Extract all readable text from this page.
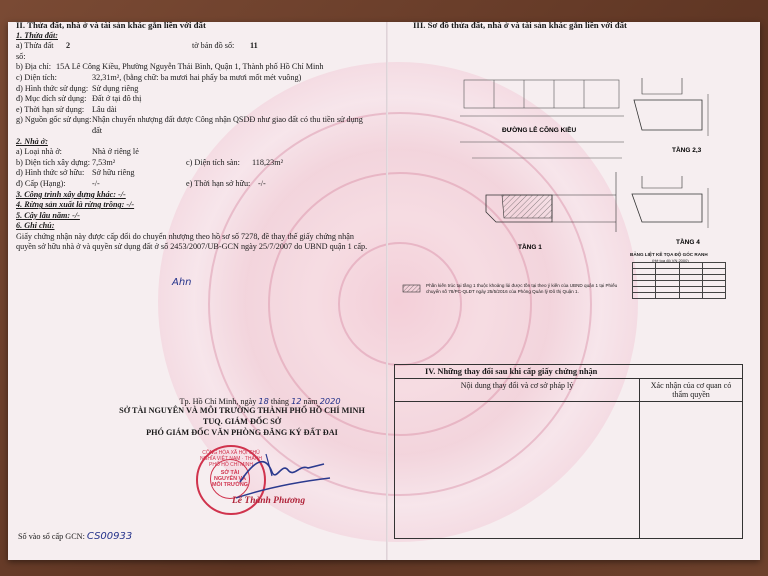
II. Thửa đất, nhà ở và tài sản khác gắn liền với đất
1. Thửa đất:
a) Thửa đất số:
2	tờ bản đồ số:	11
b) Địa chỉ: 15A Lê Công Kiều, Phường Nguyễn Thái Bình, Quận 1, Thành phố Hồ Chí Minh
c) Diện tích:	32,31m², (bằng chữ: ba mươi hai phẩy ba mươi mốt mét vuông)
d) Hình thức sử dụng: Sử dụng riêng
đ) Mục đích sử dụng: Đất ở tại đô thị
e) Thời hạn sử dụng: Lâu dài
g) Nguồn gốc sử dụng: Nhận chuyển nhượng đất được Công nhận QSDĐ như giao đất có thu tiền sử dụng đất
2. Nhà ở:
a) Loại nhà ở:	Nhà ở riêng lẻ
b) Diện tích xây dựng: 7,53m²	c) Diện tích sàn:	118,23m²
d) Hình thức sở hữu: Sở hữu riêng
đ) Cấp (Hạng):	-/-	e) Thời hạn sở hữu: -/-
3. Công trình xây dựng khác: -/-
4. Rừng sản xuất là rừng trồng: -/-
5. Cây lâu năm: -/-
6. Ghi chú:
Giấy chứng nhận này được cấp đổi do chuyển nhượng theo hồ sơ số 7278, đề thay thế giấy chứng nhận quyền sở hữu nhà ở và quyền sử dụng đất ở số 2453/2007/UB-GCN ngày 25/7/2007 do UBND quận 1 cấp.
Ahn
Tp. Hồ Chí Minh, ngày 18 tháng 12 năm 2020
SỞ TÀI NGUYÊN VÀ MÔI TRƯỜNG THÀNH PHỐ HỒ CHÍ MINH
TUQ. GIÁM ĐỐC SỞ
PHÓ GIÁM ĐỐC VĂN PHÒNG ĐĂNG KÝ ĐẤT ĐAI
CỘNG HÒA XÃ HỘI CHỦ NGHĨA VIỆT NAM · THÀNH PHỐ HỒ CHÍ MINH
SỞ TÀI NGUYÊN VÀ MÔI TRƯỜNG
Lê Thành Phương
Số vào sổ cấp GCN: CS00933
III. Sơ đồ thửa đất, nhà ở và tài sản khác gắn liền với đất
ĐƯỜNG LÊ CÔNG KIỀU
TẦNG 1
TẦNG 2,3
TẦNG 4
BẢNG LIỆT KÊ TỌA ĐỘ GÓC RANH
(Hệ tọa độ VN 2000)

Phần kiến trúc tại tầng 1 thuộc khoảng lùi được tồn tại theo ý kiến của UBND quận 1 tại Phiếu chuyển số 78/PC-QLĐT ngày 25/5/2016 của Phòng Quản lý Đô thị Quận 1.
IV. Những thay đổi sau khi cấp giấy chứng nhận	
Nội dung thay đổi và cơ sở pháp lý	Xác nhận của cơ quan có thẩm quyền
